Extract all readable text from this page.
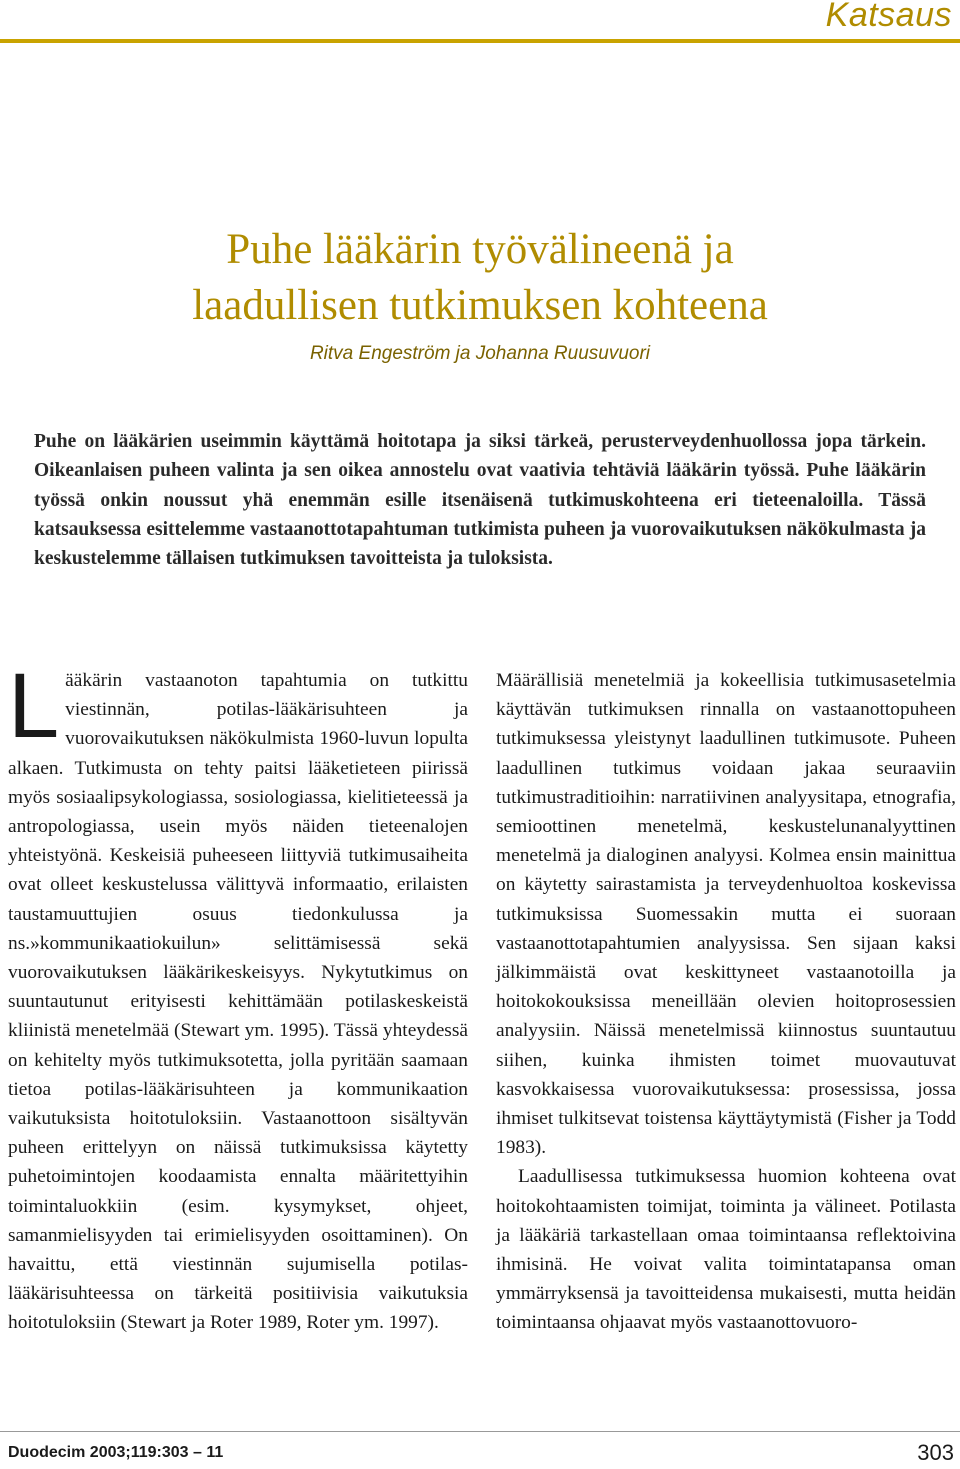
Katsaus
Puhe lääkärin työvälineenä ja
laadullisen tutkimuksen kohteena
Ritva Engeström ja Johanna Ruusuvuori

Puhe on lääkärien useimmin käyttämä hoitotapa ja siksi tärkeä, perusterveydenhuollossa jopa tärkein. Oikeanlaisen puheen valinta ja sen oikea annostelu ovat vaativia tehtäviä lääkärin työssä. Puhe lääkärin työssä onkin noussut yhä enemmän esille itsenäisenä tutkimuskohteena eri tieteenaloilla. Tässä katsauksessa esittelemme vastaanottotapahtuman tutkimista puheen ja vuorovaikutuksen näkökulmasta ja keskustelemme tällaisen tutkimuksen tavoitteista ja tuloksista.

Lääkärin vastaanoton tapahtumia on tutkittu viestinnän, potilas-lääkärisuhteen ja vuorovaikutuksen näkökulmista 1960-luvun lopulta alkaen. Tutkimusta on tehty paitsi lääketieteen piirissä myös sosiaalipsykologiassa, sosiologiassa, kielitieteessä ja antropologiassa, usein myös näiden tieteenalojen yhteistyönä. Keskeisiä puheeseen liittyviä tutkimusaiheita ovat olleet keskustelussa välittyvä informaatio, erilaisten taustamuuttujien osuus tiedonkulussa ja ns.»kommunikaatiokuilun» selittämisessä sekä vuorovaikutuksen lääkärikeskeisyys. Nykytutkimus on suuntautunut erityisesti kehittämään potilaskeskeistä kliinistä menetelmää (Stewart ym. 1995). Tässä yhteydessä on kehitelty myös tutkimuksotetta, jolla pyritään saamaan tietoa potilas-lääkärisuhteen ja kommunikaation vaikutuksista hoitotuloksiin. Vastaanottoon sisältyvän puheen erittelyyn on näissä tutkimuksissa käytetty puhetoimintojen koodaamista ennalta määritettyihin toimintaluokkiin (esim. kysymykset, ohjeet, samanmielisyyden tai erimielisyyden osoittaminen). On havaittu, että viestinnän sujumisella potilas-lääkärisuhteessa on tärkeitä positiivisia vaikutuksia hoitotuloksiin (Stewart ja Roter 1989, Roter ym. 1997).

Määrällisiä menetelmiä ja kokeellisia tutkimusasetelmia käyttävän tutkimuksen rinnalla on vastaanottopuheen tutkimuksessa yleistynyt laadullinen tutkimusote. Puheen laadullinen tutkimus voidaan jakaa seuraaviin tutkimustraditioihin: narratiivinen analyysitapa, etnografia, semioottinen menetelmä, keskustelunanalyyttinen menetelmä ja dialoginen analyysi. Kolmea ensin mainittua on käytetty sairastamista ja terveydenhuoltoa koskevissa tutkimuksissa Suomessakin mutta ei suoraan vastaanottotapahtumien analyysissa. Sen sijaan kaksi jälkimmäistä ovat keskittyneet vastaanotoilla ja hoitokokouksissa meneillään olevien hoitoprosessien analyysiin. Näissä menetelmissä kiinnostus suuntautuu siihen, kuinka ihmisten toimet muovautuvat kasvokkaisessa vuorovaikutuksessa: prosessissa, jossa ihmiset tulkitsevat toistensa käyttäytymistä (Fisher ja Todd 1983).

Laadullisessa tutkimuksessa huomion kohteena ovat hoitokohtaamisten toimijat, toiminta ja välineet. Potilasta ja lääkäriä tarkastellaan omaa toimintaansa reflektoivina ihmisinä. He voivat valita toimintatapansa oman ymmärryksensä ja tavoitteidensa mukaisesti, mutta heidän toimintaansa ohjaavat myös vastaanottovuoro-

Duodecim 2003;119:303 – 11	303
